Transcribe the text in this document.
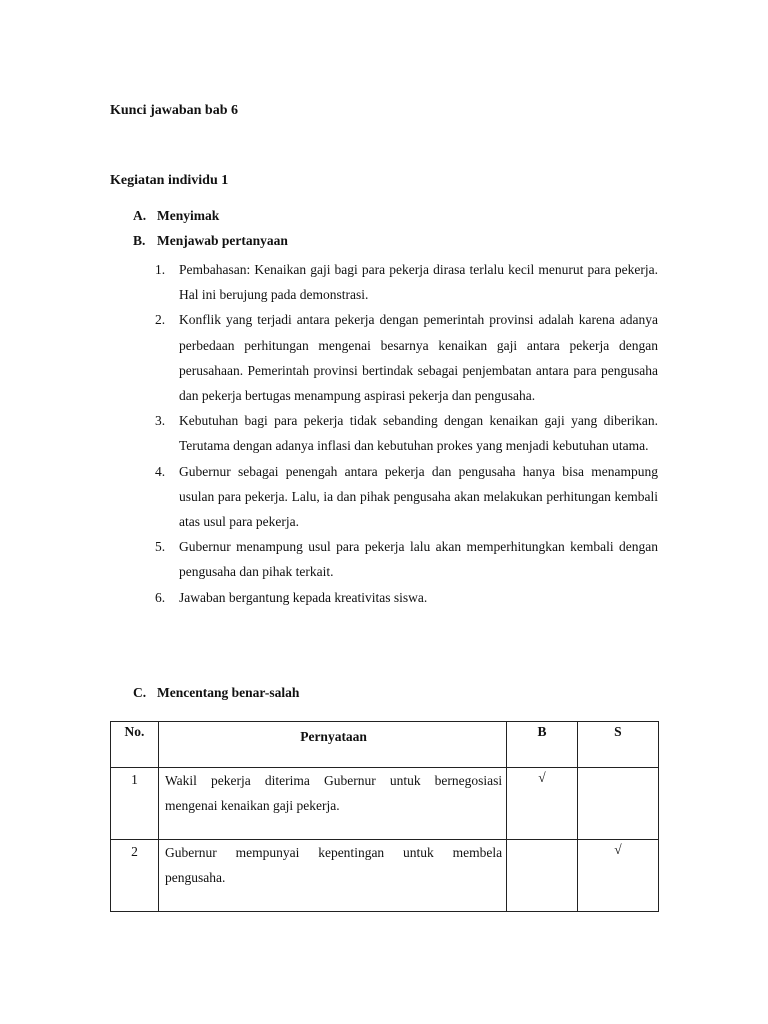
Kunci jawaban bab 6
Kegiatan individu 1
A. Menyimak
B. Menjawab pertanyaan
1.	Pembahasan: Kenaikan gaji bagi para pekerja dirasa terlalu kecil menurut para pekerja. Hal ini berujung pada demonstrasi.
2.	Konflik yang terjadi antara pekerja dengan pemerintah provinsi adalah karena adanya perbedaan perhitungan mengenai besarnya kenaikan gaji antara pekerja dengan perusahaan. Pemerintah provinsi bertindak sebagai penjembatan antara para pengusaha dan pekerja bertugas menampung aspirasi pekerja dan pengusaha.
3.	Kebutuhan bagi para pekerja tidak sebanding dengan kenaikan gaji yang diberikan. Terutama dengan adanya inflasi dan kebutuhan prokes yang menjadi kebutuhan utama.
4.	Gubernur sebagai penengah antara pekerja dan pengusaha hanya bisa menampung usulan para pekerja. Lalu, ia dan pihak pengusaha akan melakukan perhitungan kembali atas usul para pekerja.
5.	Gubernur menampung usul para pekerja lalu akan memperhitungkan kembali dengan pengusaha dan pihak terkait.
6.	Jawaban bergantung kepada kreativitas siswa.
C. Mencentang benar-salah
No.	Pernyataan	B	S
1	Wakil pekerja diterima Gubernur untuk bernegosiasi mengenai kenaikan gaji pekerja.	√	
2	Gubernur mempunyai kepentingan untuk membela pengusaha.		√
